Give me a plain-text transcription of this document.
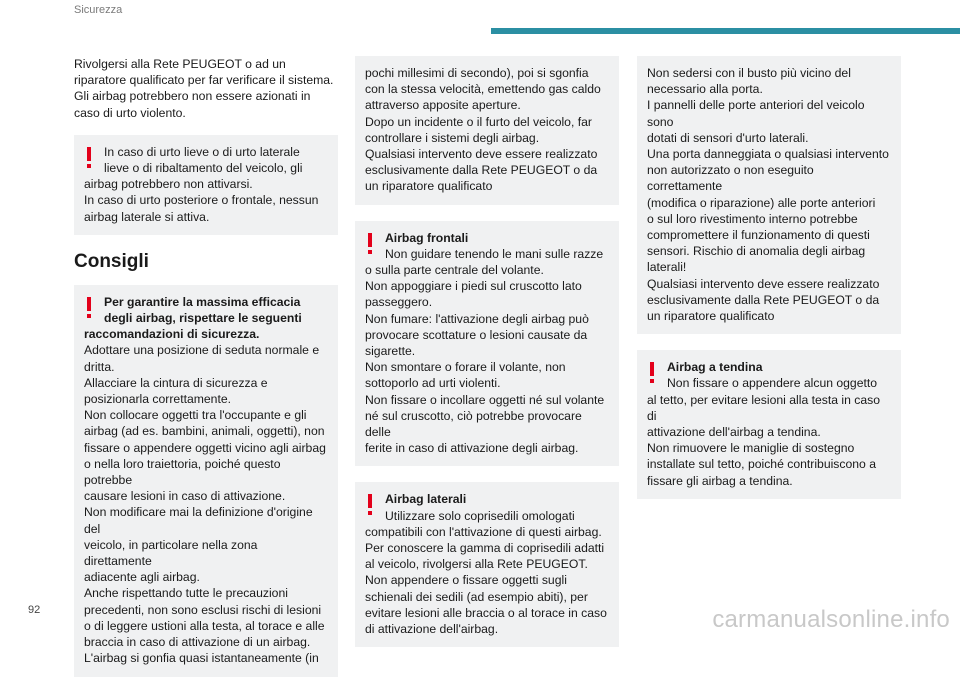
Sicurezza
Rivolgersi alla Rete PEUGEOT o ad un
riparatore qualificato per far verificare il sistema.
Gli airbag potrebbero non essere azionati in
caso di urto violento.
In caso di urto lieve o di urto laterale
lieve o di ribaltamento del veicolo, gli
airbag potrebbero non attivarsi.
In caso di urto posteriore o frontale, nessun
airbag laterale si attiva.
Consigli
Per garantire la massima efficacia
degli airbag, rispettare le seguenti
raccomandazioni di sicurezza.
Adottare una posizione di seduta normale e
dritta.
Allacciare la cintura di sicurezza e
posizionarla correttamente.
Non collocare oggetti tra l'occupante e gli
airbag (ad es. bambini, animali, oggetti), non
fissare o appendere oggetti vicino agli airbag
o nella loro traiettoria, poiché questo potrebbe
causare lesioni in caso di attivazione.
Non modificare mai la definizione d'origine del
veicolo, in particolare nella zona direttamente
adiacente agli airbag.
Anche rispettando tutte le precauzioni
precedenti, non sono esclusi rischi di lesioni
o di leggere ustioni alla testa, al torace e alle
braccia in caso di attivazione di un airbag.
L'airbag si gonfia quasi istantaneamente (in
pochi millesimi di secondo), poi si sgonfia
con la stessa velocità, emettendo gas caldo
attraverso apposite aperture.
Dopo un incidente o il furto del veicolo, far
controllare i sistemi degli airbag.
Qualsiasi intervento deve essere realizzato
esclusivamente dalla Rete PEUGEOT o da
un riparatore qualificato
Airbag frontali
Non guidare tenendo le mani sulle razze
o sulla parte centrale del volante.
Non appoggiare i piedi sul cruscotto lato
passeggero.
Non fumare: l'attivazione degli airbag può
provocare scottature o lesioni causate da
sigarette.
Non smontare o forare il volante, non
sottoporlo ad urti violenti.
Non fissare o incollare oggetti né sul volante
né sul cruscotto, ciò potrebbe provocare delle
ferite in caso di attivazione degli airbag.
Airbag laterali
Utilizzare solo coprisedili omologati
compatibili con l'attivazione di questi airbag.
Per conoscere la gamma di coprisedili adatti
al veicolo, rivolgersi alla Rete PEUGEOT.
Non appendere o fissare oggetti sugli
schienali dei sedili (ad esempio abiti), per
evitare lesioni alle braccia o al torace in caso
di attivazione dell'airbag.
Non sedersi con il busto più vicino del
necessario alla porta.
I pannelli delle porte anteriori del veicolo sono
dotati di sensori d'urto laterali.
Una porta danneggiata o qualsiasi intervento
non autorizzato o non eseguito correttamente
(modifica o riparazione) alle porte anteriori
o sul loro rivestimento interno potrebbe
compromettere il funzionamento di questi
sensori. Rischio di anomalia degli airbag
laterali!
Qualsiasi intervento deve essere realizzato
esclusivamente dalla Rete PEUGEOT o da
un riparatore qualificato
Airbag a tendina
Non fissare o appendere alcun oggetto
al tetto, per evitare lesioni alla testa in caso di
attivazione dell'airbag a tendina.
Non rimuovere le maniglie di sostegno
installate sul tetto, poiché contribuiscono a
fissare gli airbag a tendina.
92	carmanualsonline.info
